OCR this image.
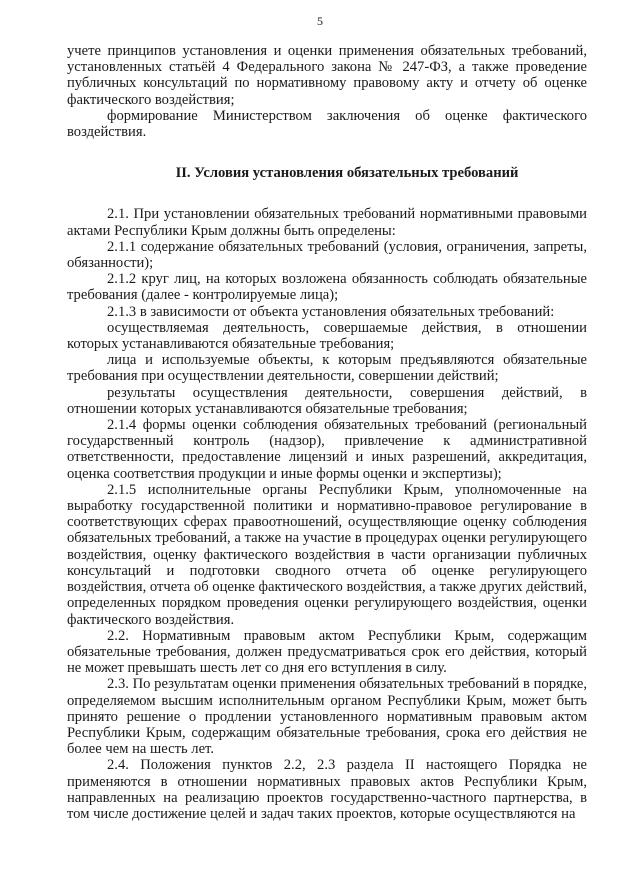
5

учете принципов установления и оценки применения обязательных требований, установленных статьёй 4 Федерального закона № 247-ФЗ, а также проведение публичных консультаций по нормативному правовому акту и отчету об оценке фактического воздействия;

формирование Министерством заключения об оценке фактического воздействия.

II. Условия установления обязательных требований

2.1. При установлении обязательных требований нормативными правовыми актами Республики Крым должны быть определены:

2.1.1 содержание обязательных требований (условия, ограничения, запреты, обязанности);

2.1.2 круг лиц, на которых возложена обязанность соблюдать обязательные требования (далее - контролируемые лица);

2.1.3 в зависимости от объекта установления обязательных требований:

осуществляемая деятельность, совершаемые действия, в отношении которых устанавливаются обязательные требования;

лица и используемые объекты, к которым предъявляются обязательные требования при осуществлении деятельности, совершении действий;

результаты осуществления деятельности, совершения действий, в отношении которых устанавливаются обязательные требования;

2.1.4 формы оценки соблюдения обязательных требований (региональный государственный контроль (надзор), привлечение к административной ответственности, предоставление лицензий и иных разрешений, аккредитация, оценка соответствия продукции и иные формы оценки и экспертизы);

2.1.5 исполнительные органы Республики Крым, уполномоченные на выработку государственной политики и нормативно-правовое регулирование в соответствующих сферах правоотношений, осуществляющие оценку соблюдения обязательных требований, а также на участие в процедурах оценки регулирующего воздействия, оценку фактического воздействия в части организации публичных консультаций и подготовки сводного отчета об оценке регулирующего воздействия, отчета об оценке фактического воздействия, а также других действий, определенных порядком проведения оценки регулирующего воздействия, оценки фактического воздействия.

2.2. Нормативным правовым актом Республики Крым, содержащим обязательные требования, должен предусматриваться срок его действия, который не может превышать шесть лет со дня его вступления в силу.

2.3. По результатам оценки применения обязательных требований в порядке, определяемом высшим исполнительным органом Республики Крым, может быть принято решение о продлении установленного нормативным правовым актом Республики Крым, содержащим обязательные требования, срока его действия не более чем на шесть лет.

2.4. Положения пунктов 2.2, 2.3 раздела II настоящего Порядка не применяются в отношении нормативных правовых актов Республики Крым, направленных на реализацию проектов государственно-частного партнерства, в том числе достижение целей и задач таких проектов, которые осуществляются на
